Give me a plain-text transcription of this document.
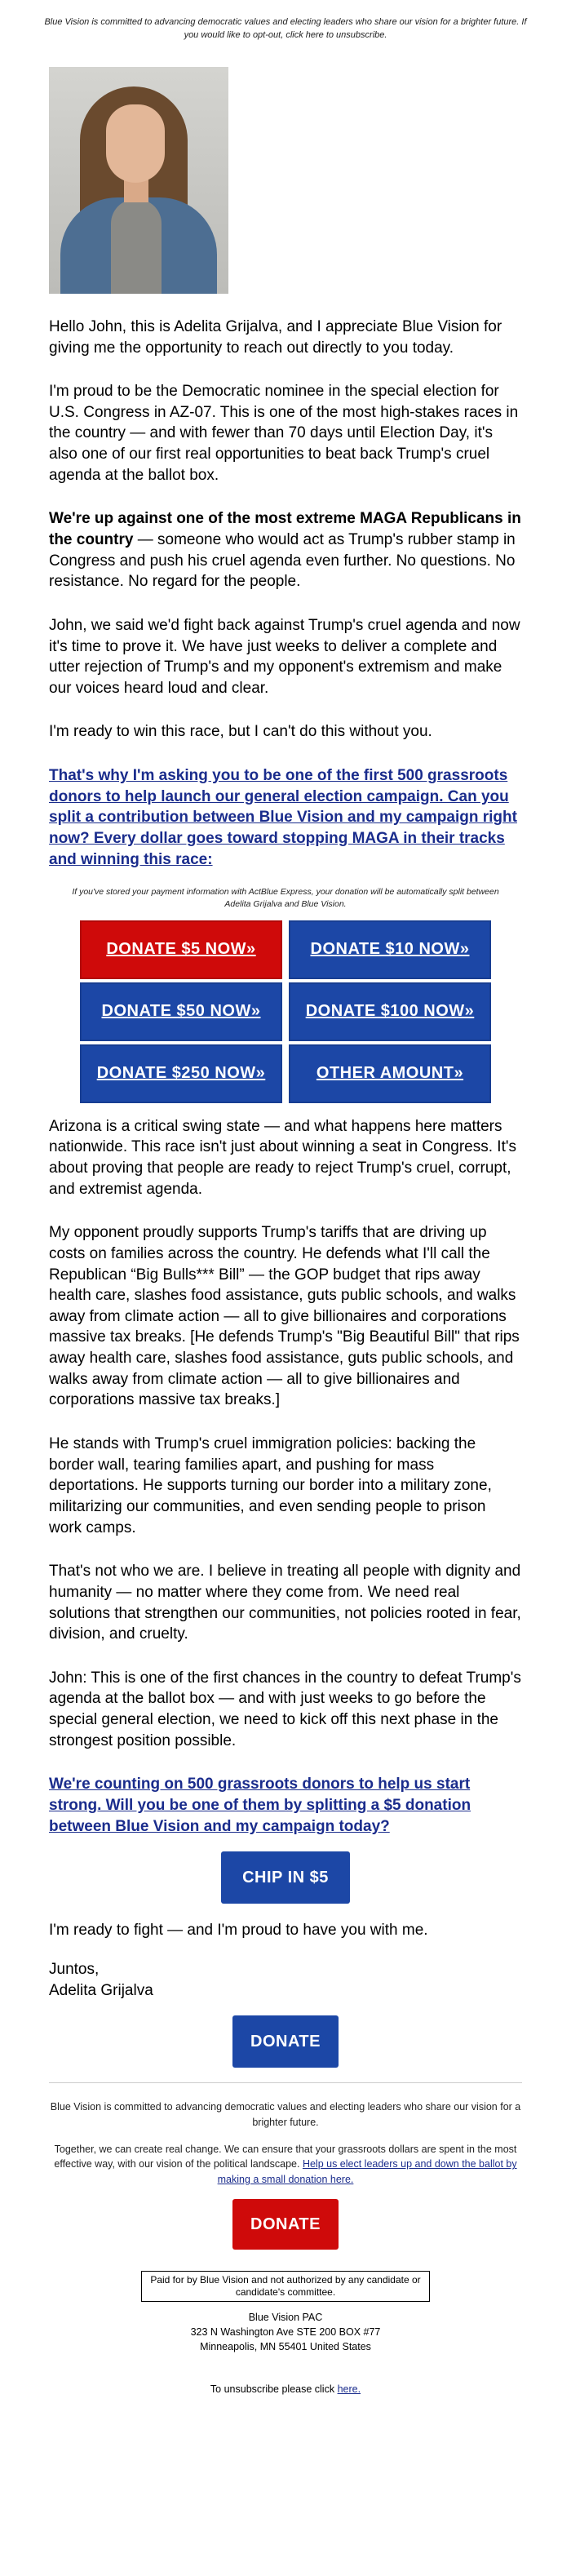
Blue Vision is committed to advancing democratic values and electing leaders who share our vision for a brighter future. If you would like to opt-out, click here to unsubscribe.

Hello John, this is Adelita Grijalva, and I appreciate Blue Vision for giving me the opportunity to reach out directly to you today.

I'm proud to be the Democratic nominee in the special election for U.S. Congress in AZ-07. This is one of the most high-stakes races in the country — and with fewer than 70 days until Election Day, it's also one of our first real opportunities to beat back Trump's cruel agenda at the ballot box.

We're up against one of the most extreme MAGA Republicans in the country — someone who would act as Trump's rubber stamp in Congress and push his cruel agenda even further. No questions. No resistance. No regard for the people.

John, we said we'd fight back against Trump's cruel agenda and now it's time to prove it. We have just weeks to deliver a complete and utter rejection of Trump's and my opponent's extremism and make our voices heard loud and clear.

I'm ready to win this race, but I can't do this without you.

That's why I'm asking you to be one of the first 500 grassroots donors to help launch our general election campaign. Can you split a contribution between Blue Vision and my campaign right now? Every dollar goes toward stopping MAGA in their tracks and winning this race:
If you've stored your payment information with ActBlue Express, your donation will be automatically split between Adelita Grijalva and Blue Vision.
DONATE $5 NOW»	DONATE $10 NOW»
DONATE $50 NOW»	DONATE $100 NOW»
DONATE $250 NOW»	OTHER AMOUNT»

Arizona is a critical swing state — and what happens here matters nationwide. This race isn't just about winning a seat in Congress. It's about proving that people are ready to reject Trump's cruel, corrupt, and extremist agenda.

My opponent proudly supports Trump's tariffs that are driving up costs on families across the country. He defends what I'll call the Republican “Big Bulls*** Bill” — the GOP budget that rips away health care, slashes food assistance, guts public schools, and walks away from climate action — all to give billionaires and corporations massive tax breaks. [He defends Trump's "Big Beautiful Bill" that rips away health care, slashes food assistance, guts public schools, and walks away from climate action — all to give billionaires and corporations massive tax breaks.]

He stands with Trump's cruel immigration policies: backing the border wall, tearing families apart, and pushing for mass deportations. He supports turning our border into a military zone, militarizing our communities, and even sending people to prison work camps.

That's not who we are. I believe in treating all people with dignity and humanity — no matter where they come from. We need real solutions that strengthen our communities, not policies rooted in fear, division, and cruelty.

John: This is one of the first chances in the country to defeat Trump's agenda at the ballot box — and with just weeks to go before the special general election, we need to kick off this next phase in the strongest position possible.

We're counting on 500 grassroots donors to help us start strong. Will you be one of them by splitting a $5 donation between Blue Vision and my campaign today?
CHIP IN $5

I'm ready to fight — and I'm proud to have you with me.

Juntos,
Adelita Grijalva

DONATE
Blue Vision is committed to advancing democratic values and electing leaders who share our vision for a brighter future.
Together, we can create real change. We can ensure that your grassroots dollars are spent in the most effective way, with our vision of the political landscape. Help us elect leaders up and down the ballot by making a small donation here.
DONATE
Paid for by Blue Vision and not authorized by any candidate or candidate's committee.
Blue Vision PAC
323 N Washington Ave STE 200 BOX #77
Minneapolis, MN 55401 United States
To unsubscribe please click here.
